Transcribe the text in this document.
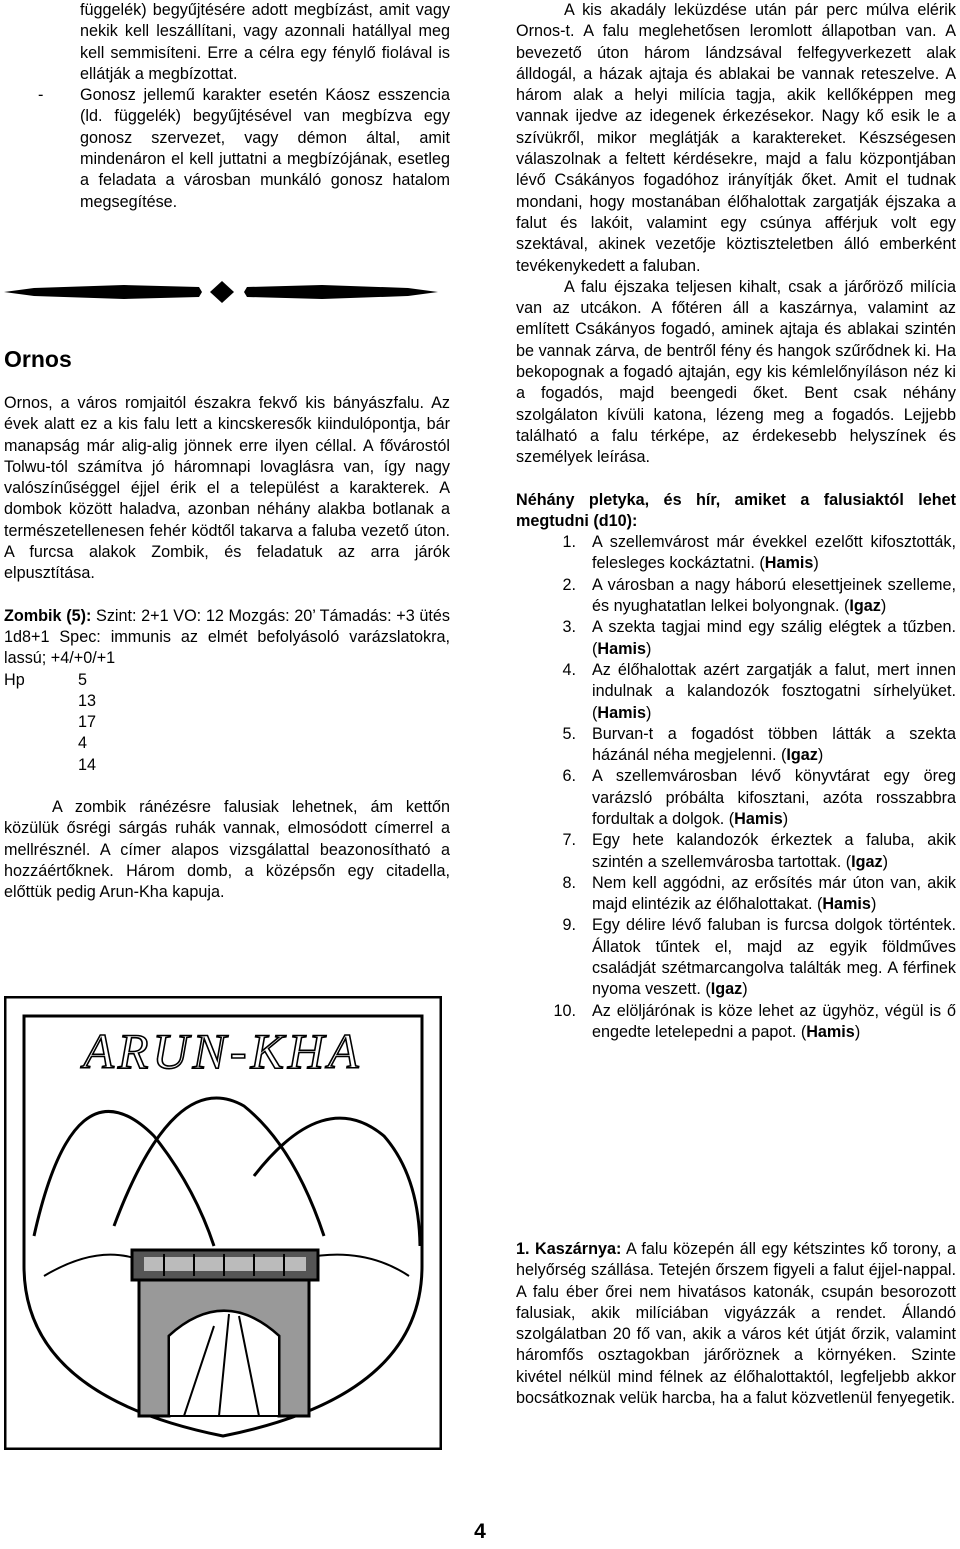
függelék) begyűjtésére adott megbízást, amit vagy nekik kell leszállítani, vagy azonnali hatállyal meg kell semmisíteni. Erre a célra egy fénylő fiolával is ellátják a megbízottat.

- Gonosz jellemű karakter esetén Káosz esszencia (ld. függelék) begyűjtésével van megbízva egy gonosz szervezet, vagy démon által, amit mindenáron el kell juttatni a megbízójának, esetleg a feladata a városban munkáló gonosz hatalom megsegítése.
Ornos

Ornos, a város romjaitól északra fekvő kis bányászfalu. Az évek alatt ez a kis falu lett a kincskeresők kiindulópontja, bár manapság már alig-alig jönnek erre ilyen céllal. A fővárostól Tolwu-tól számítva jó háromnapi lovaglásra van, így nagy valószínűséggel éjjel érik el a települést a karakterek. A dombok között haladva, azonban néhány alakba botlanak a természetellenesen fehér ködtől takarva a faluba vezető úton. A furcsa alakok Zombik, és feladatuk az arra járók elpusztítása.

Zombik (5): Szint: 2+1 VO: 12 Mozgás: 20’ Támadás: +3 ütés 1d8+1 Spec: immunis az elmét befolyásoló varázslatokra, lassú; +4/+0/+1

Hp	5
13
17
4
14

A zombik ránézésre falusiak lehetnek, ám kettőn közülük ősrégi sárgás ruhák vannak, elmosódott címerrel a mellrésznél. A címer alapos vizsgálattal beazonosítható a hozzáértőknek. Három domb, a középsőn egy citadella, előttük pedig Arun-Kha kapuja.

ARUN-KHA

A kis akadály leküzdése után pár perc múlva elérik Ornos-t. A falu meglehetősen leromlott állapotban van. A bevezető úton három lándzsával felfegyverkezett alak álldogál, a házak ajtaja és ablakai be vannak reteszelve. A három alak a helyi milícia tagja, akik kellőképpen meg vannak ijedve az idegenek érkezésekor. Nagy kő esik le a szívükről, mikor meglátják a karaktereket. Készségesen válaszolnak a feltett kérdésekre, majd a falu központjában lévő Csákányos fogadóhoz irányítják őket. Amit el tudnak mondani, hogy mostanában élőhalottak zargatják éjszaka a falut és lakóit, valamint egy csúnya afférjuk volt egy szektával, akinek vezetője köztiszteletben álló emberként tevékenykedett a faluban.

A falu éjszaka teljesen kihalt, csak a járőröző milícia van az utcákon. A főtéren áll a kaszárnya, valamint az említett Csákányos fogadó, aminek ajtaja és ablakai szintén be vannak zárva, de bentről fény és hangok szűrődnek ki. Ha bekopognak a fogadó ajtaján, egy kis kémlelőnyíláson néz ki a fogadós, majd beengedi őket. Bent csak néhány szolgálaton kívüli katona, lézeng meg a fogadós. Lejjebb található a falu térképe, az érdekesebb helyszínek és személyek leírása.

Néhány pletyka, és hír, amiket a falusiaktól lehet megtudni (d10):

1. A szellemvárost már évekkel ezelőtt kifosztották, felesleges kockáztatni. (Hamis)
2. A városban a nagy háború elesettjeinek szelleme, és nyughatatlan lelkei bolyongnak. (Igaz)
3. A szekta tagjai mind egy szálig elégtek a tűzben. (Hamis)
4. Az élőhalottak azért zargatják a falut, mert innen indulnak a kalandozók fosztogatni sírhelyüket. (Hamis)
5. Burvan-t a fogadóst többen látták a szekta házánál néha megjelenni. (Igaz)
6. A szellemvárosban lévő könyvtárat egy öreg varázsló próbálta kifosztani, azóta rosszabbra fordultak a dolgok. (Hamis)
7. Egy hete kalandozók érkeztek a faluba, akik szintén a szellemvárosba tartottak. (Igaz)
8. Nem kell aggódni, az erősítés már úton van, akik majd elintézik az élőhalottakat. (Hamis)
9. Egy délire lévő faluban is furcsa dolgok történtek. Állatok tűntek el, majd az egyik földműves családját szétmarcangolva találták meg. A férfinek nyoma veszett. (Igaz)
10. Az elöljárónak is köze lehet az ügyhöz, végül is ő engedte letelepedni a papot. (Hamis)

1. Kaszárnya: A falu közepén áll egy kétszintes kő torony, a helyőrség szállása. Tetején őrszem figyeli a falut éjjel-nappal. A falu éber őrei nem hivatásos katonák, csupán besorozott falusiak, akik milíciában vigyázzák a rendet. Állandó szolgálatban 20 fő van, akik a város két útját őrzik, valamint háromfős osztagokban járőröznek a környéken. Szinte kivétel nélkül mind félnek az élőhalottaktól, legfeljebb akkor bocsátkoznak velük harcba, ha a falut közvetlenül fenyegetik.

4
